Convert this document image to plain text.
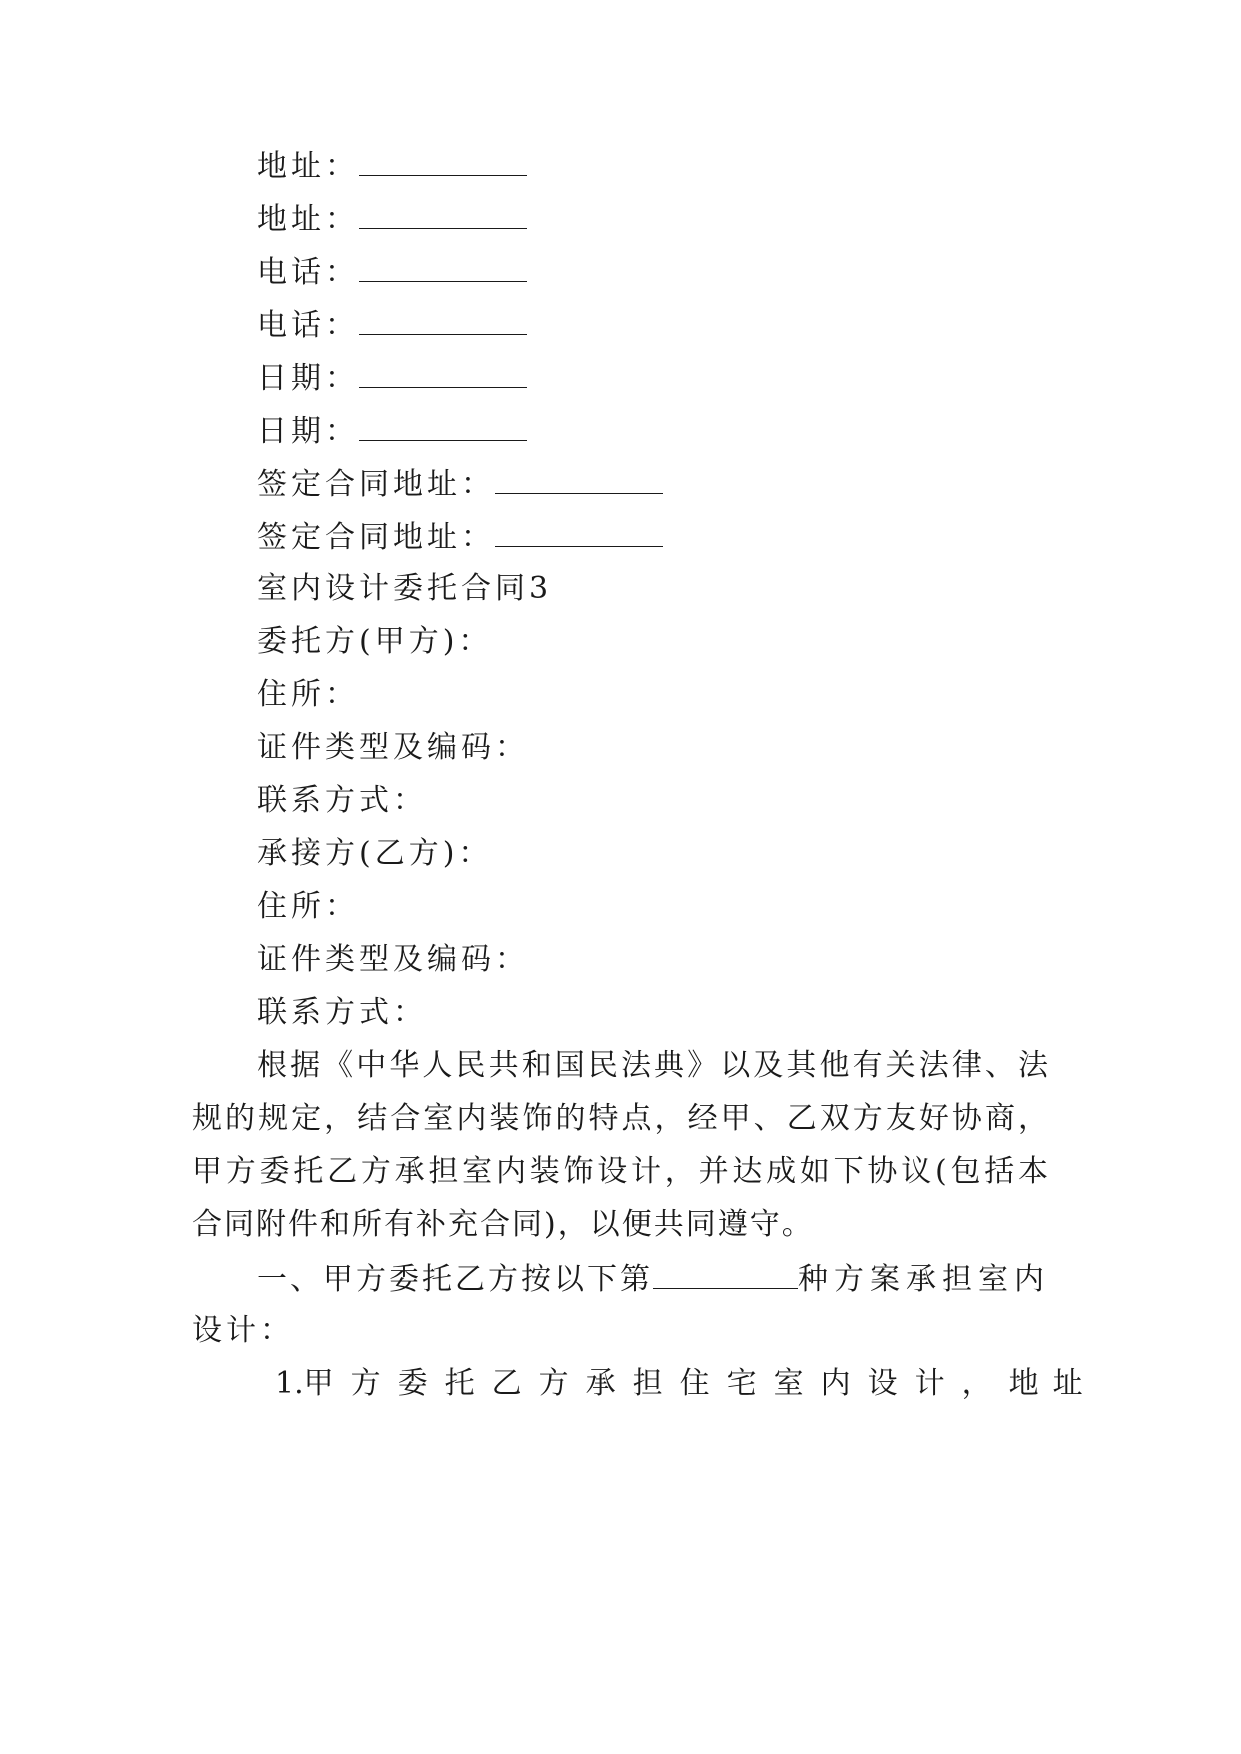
地址：
地址：
电话：
电话：
日期：
日期：
签定合同地址：
签定合同地址：
室内设计委托合同3
委托方(甲方)：
住所：
证件类型及编码：
联系方式：
承接方(乙方)：
住所：
证件类型及编码：
联系方式：
根据《中华人民共和国民法典》以及其他有关法律、法
规的规定，结合室内装饰的特点，经甲、乙双方友好协商，
甲方委托乙方承担室内装饰设计，并达成如下协议(包括本
合同附件和所有补充合同)，以便共同遵守。
一、甲方委托乙方按以下第	种方案承担室内
设计：
1. 甲方委托乙方承担住宅室内设计， 地址
